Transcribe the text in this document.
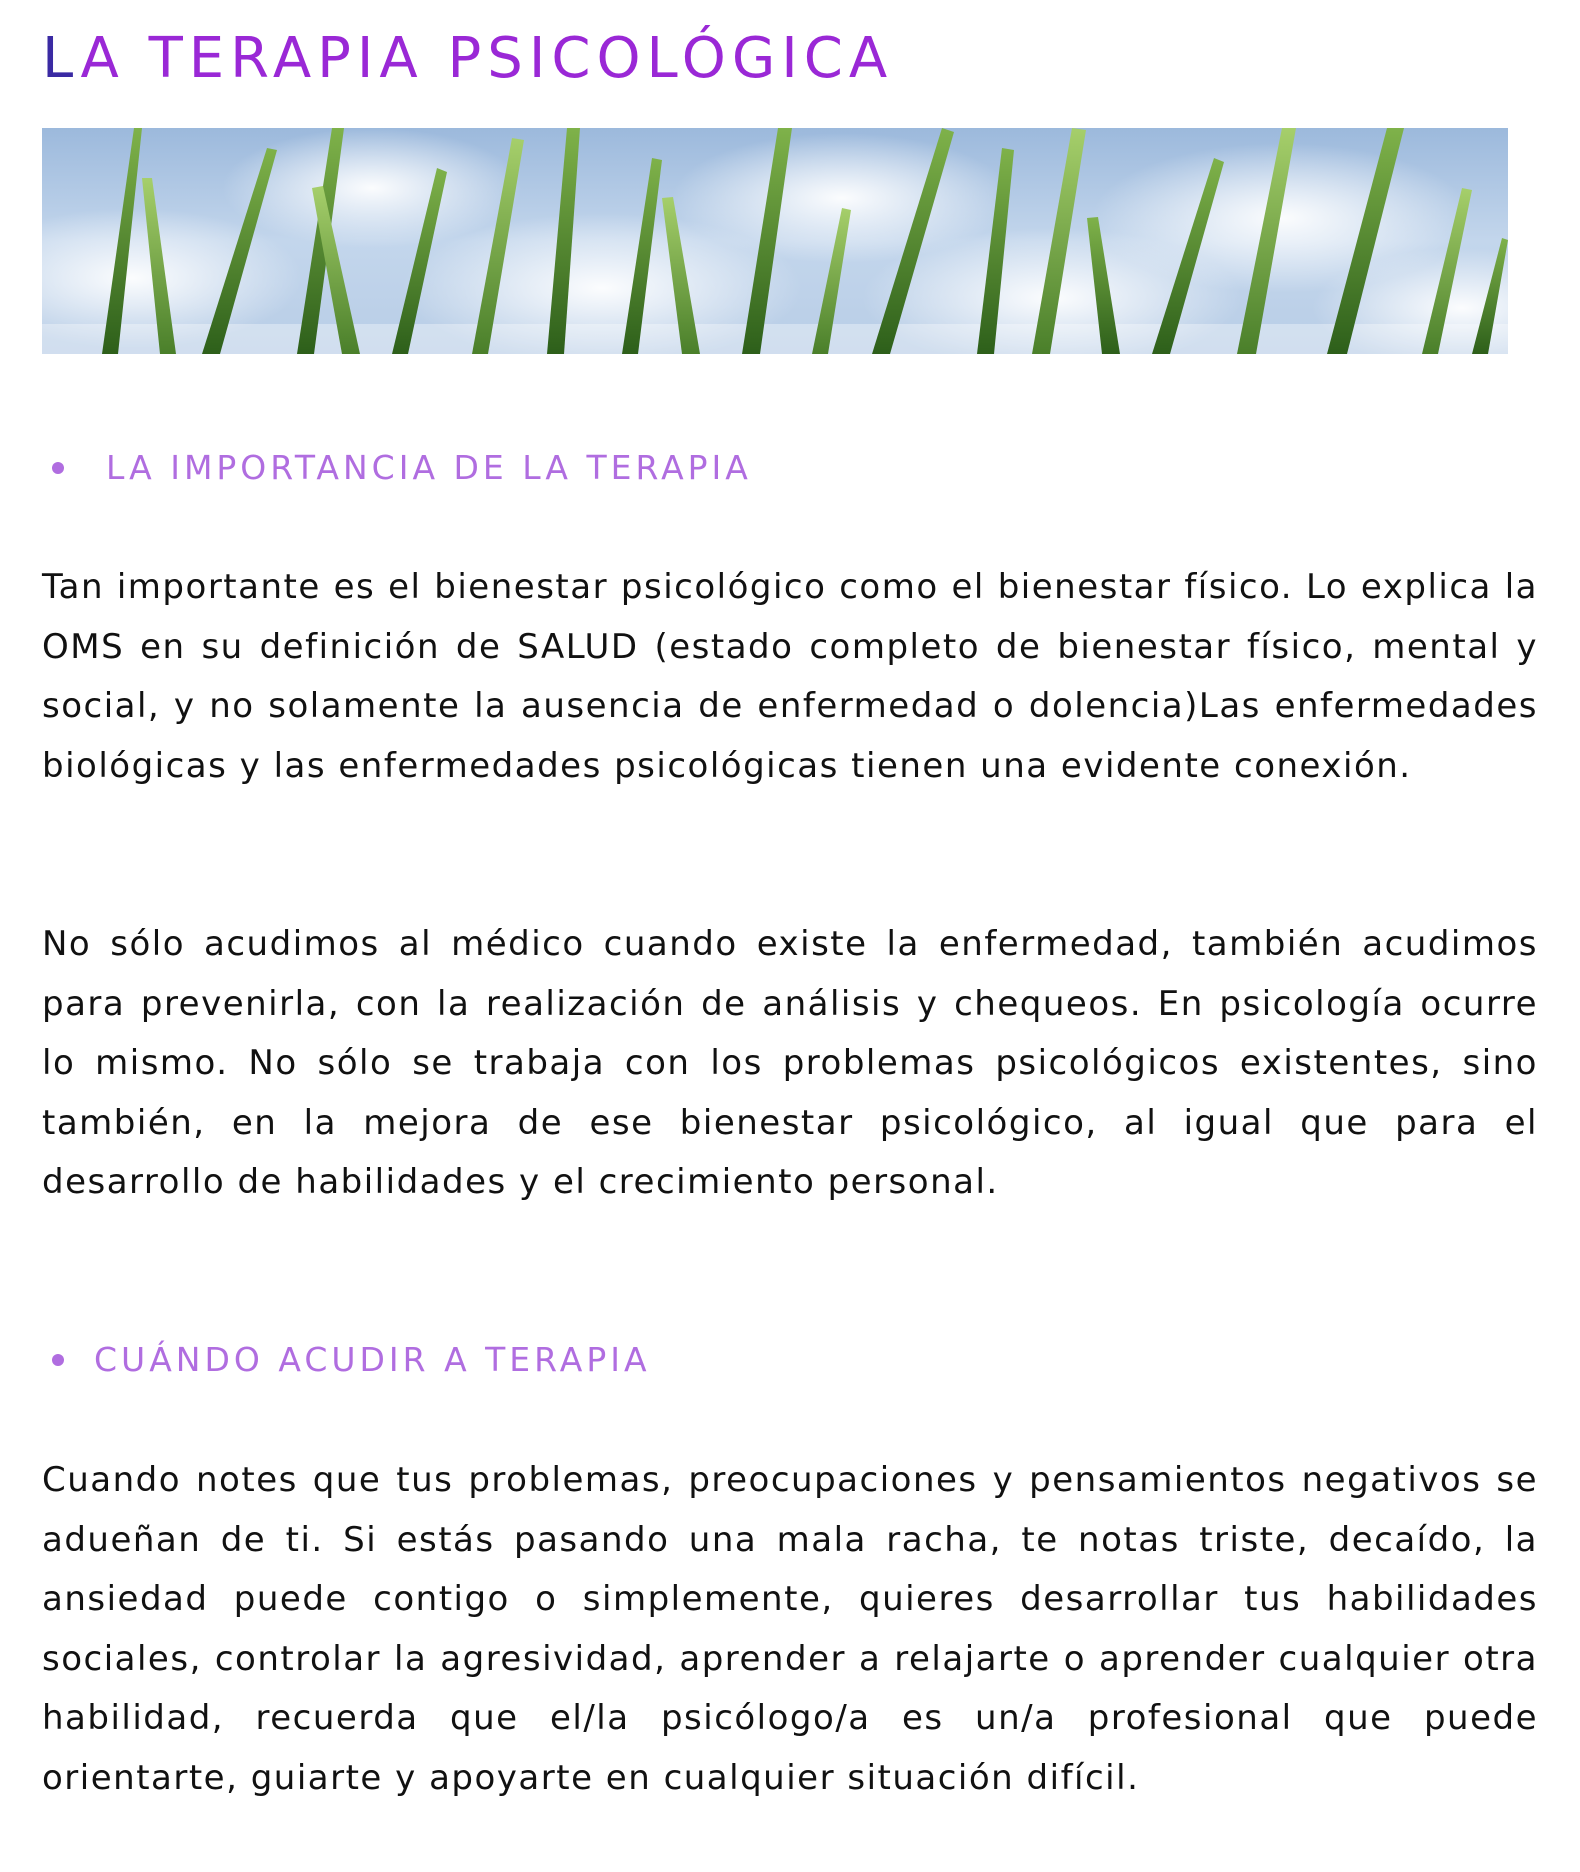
LA TERAPIA PSICOLÓGICA
LA IMPORTANCIA DE LA TERAPIA

Tan importante es el bienestar psicológico como el bienestar físico. Lo explica la OMS en su definición de SALUD (estado completo de bienestar físico, mental y social, y no solamente la ausencia de enfermedad o dolencia)Las enfermedades biológicas y las enfermedades psicológicas tienen una evidente conexión.

No sólo acudimos al médico cuando existe la enfermedad, también acudimos para prevenirla, con la realización de análisis y chequeos. En psicología ocurre lo mismo. No sólo se trabaja con los problemas psicológicos existentes, sino también, en la mejora de ese bienestar psicológico, al igual que para el desarrollo de habilidades y el crecimiento personal.

CUÁNDO ACUDIR A TERAPIA

Cuando notes que tus problemas, preocupaciones y pensamientos negativos se adueñan de ti. Si estás pasando una mala racha, te notas triste, decaído, la ansiedad puede contigo o simplemente, quieres desarrollar tus habilidades sociales, controlar la agresividad, aprender a relajarte o aprender cualquier otra habilidad, recuerda que el/la psicólogo/a es un/a profesional que puede orientarte, guiarte y apoyarte en cualquier situación difícil.
